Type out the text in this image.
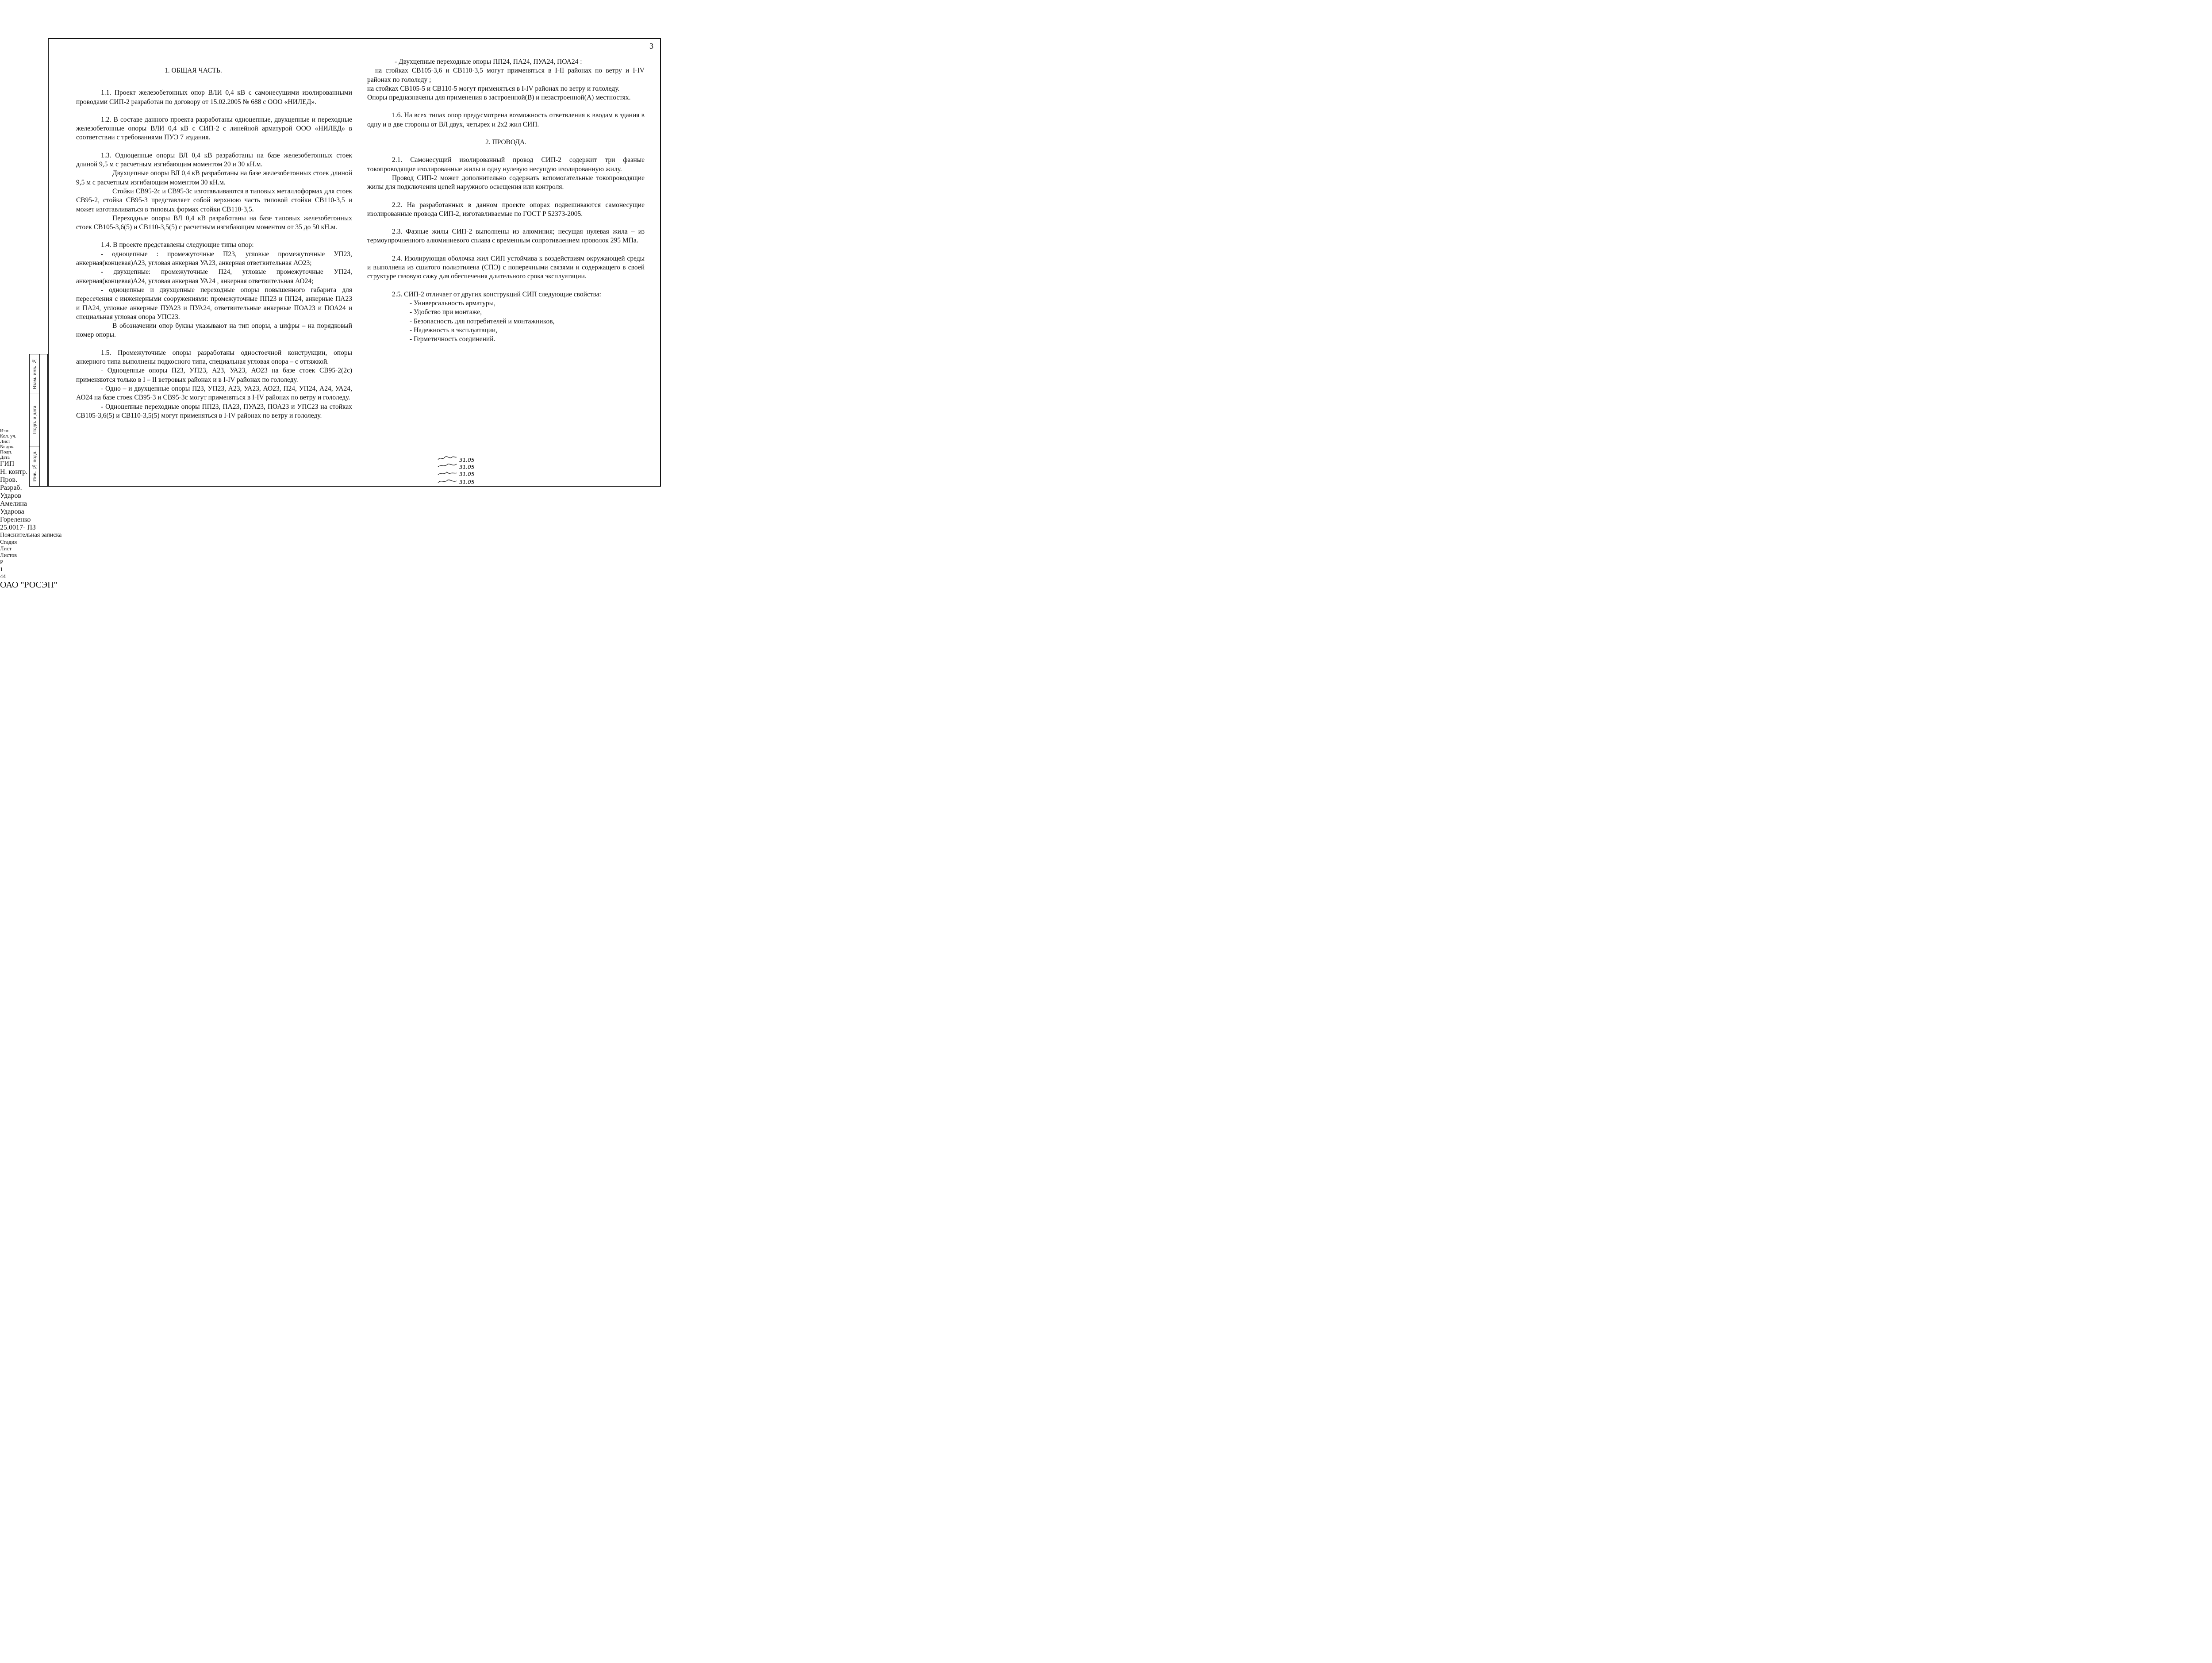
3
Взам. инв. №
Подп. и дата
Инв. № подл.

1. ОБЩАЯ ЧАСТЬ.

1.1. Проект железобетонных опор ВЛИ 0,4 кВ с самонесущими изолированными проводами СИП-2 разработан по договору от 15.02.2005 № 688 с ООО «НИЛЕД».

1.2. В составе данного проекта разработаны одноцепные, двухцепные и переходные железобетонные опоры ВЛИ 0,4 кВ с СИП-2 с линейной арматурой ООО «НИЛЕД» в соответствии с требованиями ПУЭ 7 издания.

1.3. Одноцепные опоры ВЛ 0,4 кВ разработаны на базе железобетонных стоек длиной 9,5 м с расчетным изгибающим моментом 20 и 30 кН.м.

Двухцепные опоры ВЛ 0,4 кВ разработаны на базе железобетонных стоек длиной 9,5 м с расчетным изгибающим моментом 30 кН.м.

Стойки СВ95-2с и СВ95-3с изготавливаются в типовых металлоформах для стоек СВ95-2, стойка СВ95-3 представляет собой верхнюю часть типовой стойки СВ110-3,5 и может изготавливаться в типовых формах стойки СВ110-3,5.

Переходные опоры ВЛ 0,4 кВ разработаны на базе типовых железобетонных стоек СВ105-3,6(5) и СВ110-3,5(5) с расчетным изгибающим моментом от 35 до 50 кН.м.

1.4. В проекте представлены следующие типы опор:

- одноцепные : промежуточные П23, угловые промежуточные УП23, анкерная(концевая)А23, угловая анкерная УА23, анкерная ответвительная АО23;

- двухцепные: промежуточные П24, угловые промежуточные УП24, анкерная(концевая)А24, угловая анкерная УА24 , анкерная ответвительная АО24;

- одноцепные и двухцепные переходные опоры повышенного габарита для пересечения с инженерными сооружениями: промежуточные ПП23 и ПП24, анкерные ПА23 и ПА24, угловые анкерные ПУА23 и ПУА24, ответвительные анкерные ПОА23 и ПОА24 и специальная угловая опора УПС23.

В обозначении опор буквы указывают на тип опоры, а цифры – на порядковый номер опоры.

1.5. Промежуточные опоры разработаны одностоечной конструкции, опоры анкерного типа выполнены подкосного типа, специальная угловая опора – с оттяжкой.

- Одноцепные опоры П23, УП23, А23, УА23, АО23 на базе стоек СВ95-2(2с) применяются только в I – II ветровых районах и в I-IV районах по гололеду.

- Одно – и двухцепные опоры П23, УП23, А23, УА23, АО23, П24, УП24, А24, УА24, АО24 на базе стоек СВ95-3 и СВ95-3с могут применяться в I-IV районах по ветру и гололеду.

- Одноцепные переходные опоры ПП23, ПА23, ПУА23, ПОА23 и УПС23 на стойках СВ105-3,6(5) и СВ110-3,5(5) могут применяться в I-IV районах по ветру и гололеду.

- Двухцепные переходные опоры ПП24, ПА24, ПУА24, ПОА24 :

на стойках СВ105-3,6 и СВ110-3,5 могут применяться в I-II районах по ветру и I-IV районах по гололеду ;

на стойках СВ105-5 и СВ110-5 могут применяться в I-IV районах по ветру и гололеду.

Опоры предназначены для применения в застроенной(В) и незастроенной(А) местностях.

1.6. На всех типах опор предусмотрена возможность ответвления к вводам в здания в одну и в две стороны от ВЛ двух, четырех и 2х2 жил СИП.

2. ПРОВОДА.

2.1. Самонесущий изолированный провод СИП-2 содержит три фазные токопроводящие изолированные жилы и одну нулевую несущую изолированную жилу.

Провод СИП-2 может дополнительно содержать вспомогательные токопроводящие жилы для подключения цепей наружного освещения или контроля.

2.2. На разработанных в данном проекте опорах подвешиваются самонесущие изолированные провода СИП-2, изготавливаемые по ГОСТ Р 52373-2005.

2.3. Фазные жилы СИП-2 выполнены из алюминия; несущая нулевая жила – из термоупрочненного алюминиевого сплава с временным сопротивлением проволок 295 МПа.

2.4. Изолирующая оболочка жил СИП устойчива к воздействиям окружающей среды и выполнена из сшитого полиэтилена (СПЭ) с поперечными связями и содержащего в своей структуре газовую сажу для обеспечения длительного срока эксплуатации.

2.5. СИП-2 отличает от других конструкций СИП следующие свойства:

- Универсальность арматуры,

- Удобство при монтаже,

- Безопасность для потребителей и монтажников,

- Надежность в эксплуатации,

- Герметичность соединений.

Изм.
Кол. уч.
Лист
№ док.
Подп.
Дата
ГИП
Н. контр.
Пров.
Разраб.
Ударов
Амелина
Ударова
Гореленко
31.05
31.05
31.05
31.05
25.0017- ПЗ
Пояснительная записка
Стадия
Лист
Листов
Р
1
44
ОАО "РОСЭП"
